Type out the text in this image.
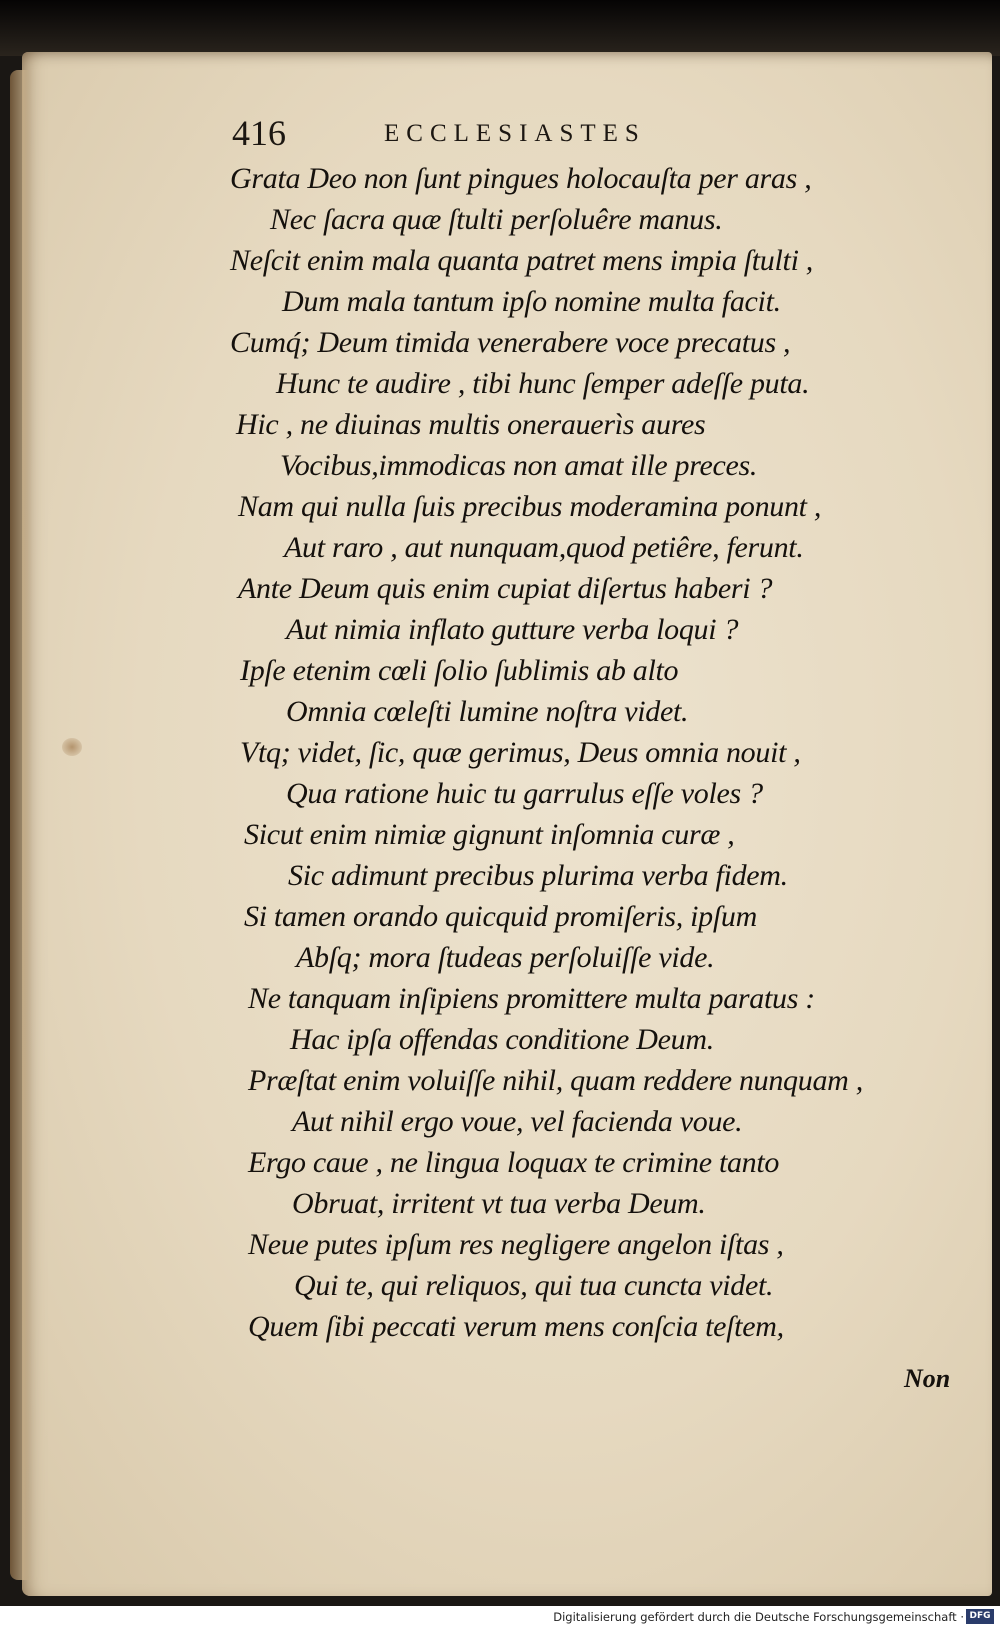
416	ECCLESIASTES
Grata Deo non ſunt pingues holocauſta per aras ,
Nec ſacra quæ ſtulti perſoluêre manus.
Neſcit enim mala quanta patret mens impia ſtulti ,
Dum mala tantum ipſo nomine multa facit.
Cumq́; Deum timida venerabere voce precatus ,
Hunc te audire , tibi hunc ſemper adeſſe puta.
Hic , ne diuinas multis onerauerìs aures
Vocibus,immodicas non amat ille preces.
Nam qui nulla ſuis precibus moderamina ponunt ,
Aut raro , aut nunquam,quod petiêre, ferunt.
Ante Deum quis enim cupiat diſertus haberi ?
Aut nimia inflato gutture verba loqui ?
Ipſe etenim cœli ſolio ſublimis ab alto
Omnia cœleſti lumine noſtra videt.
Vtq; videt, ſic, quæ gerimus, Deus omnia nouit ,
Qua ratione huic tu garrulus eſſe voles ?
Sicut enim nimiæ gignunt inſomnia curæ ,
Sic adimunt precibus plurima verba fidem.
Si tamen orando quicquid promiſeris, ipſum
Abſq; mora ſtudeas perſoluiſſe vide.
Ne tanquam inſipiens promittere multa paratus :
Hac ipſa offendas conditione Deum.
Præſtat enim voluiſſe nihil, quam reddere nunquam ,
Aut nihil ergo voue, vel facienda voue.
Ergo caue , ne lingua loquax te crimine tanto
Obruat, irritent vt tua verba Deum.
Neue putes ipſum res negligere angelon iſtas ,
Qui te, qui reliquos, qui tua cuncta videt.
Quem ſibi peccati verum mens conſcia teſtem,
Non
Digitalisierung gefördert durch die Deutsche Forschungsgemeinschaft · DFG
